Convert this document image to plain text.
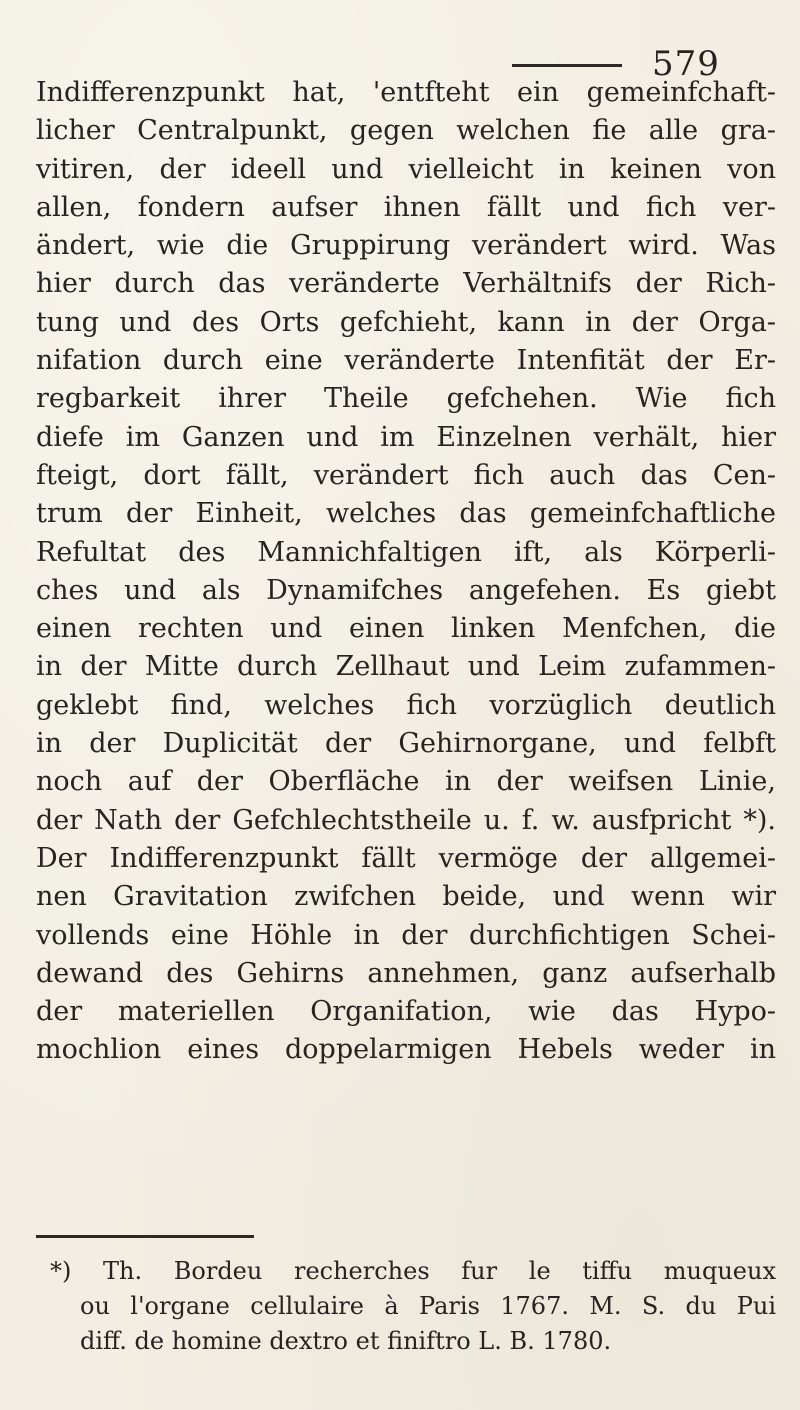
579
Indifferenzpunkt hat, 'entfteht ein gemeinfchaft-
licher Centralpunkt, gegen welchen fie alle gra-
vitiren, der ideell und vielleicht in keinen von
allen, fondern aufser ihnen fällt und fich ver-
ändert, wie die Gruppirung verändert wird. Was
hier durch das veränderte Verhältnifs der Rich-
tung und des Orts gefchieht, kann in der Orga-
nifation durch eine veränderte Intenfität der Er-
regbarkeit ihrer Theile gefchehen. Wie fich
diefe im Ganzen und im Einzelnen verhält, hier
fteigt, dort fällt, verändert fich auch das Cen-
trum der Einheit, welches das gemeinfchaftliche
Refultat des Mannichfaltigen ift, als Körperli-
ches und als Dynamifches angefehen. Es giebt
einen rechten und einen linken Menfchen, die
in der Mitte durch Zellhaut und Leim zufammen-
geklebt find, welches fich vorzüglich deutlich
in der Duplicität der Gehirnorgane, und felbft
noch auf der Oberfläche in der weifsen Linie,
der Nath der Gefchlechtstheile u. f. w. ausfpricht *).
Der Indifferenzpunkt fällt vermöge der allgemei-
nen Gravitation zwifchen beide, und wenn wir
vollends eine Höhle in der durchfichtigen Schei-
dewand des Gehirns annehmen, ganz aufserhalb
der materiellen Organifation, wie das Hypo-
mochlion eines doppelarmigen Hebels weder in
*) Th. Bordeu recherches fur le tiffu muqueux
ou l'organe cellulaire à Paris 1767. M. S. du Pui
diff. de homine dextro et finiftro L. B. 1780.
